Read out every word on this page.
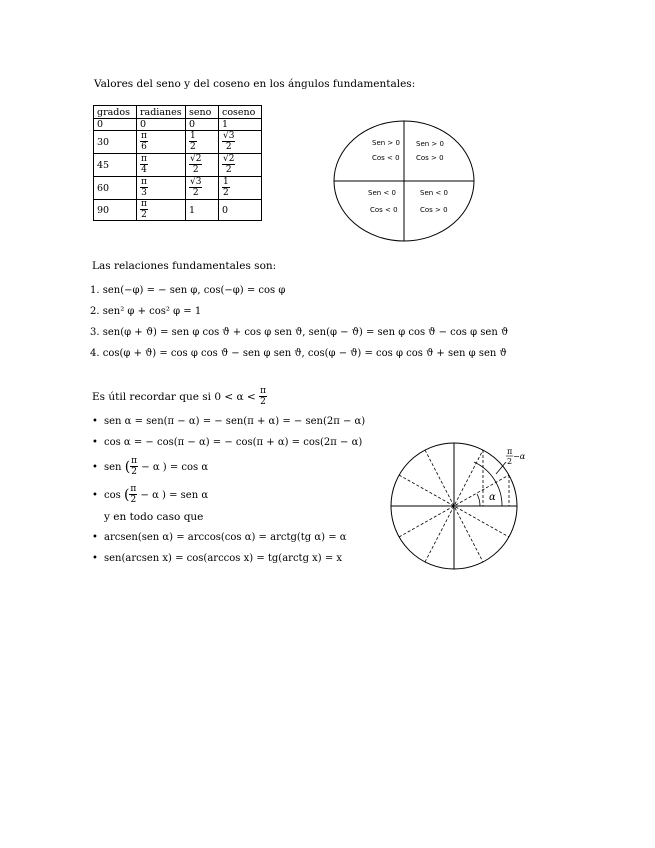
Valores del seno y del coseno en los ángulos fundamentales:
grados	radianes	seno	coseno
0	0	0	1
30	$\frac{\pi}{6}$	$\frac{1}{2}$	$\frac{√3}{2}$

45	$\frac{\pi}{4}$	$\frac{√2}{2}$	$\frac{√2}{2}$

60	$\frac{\pi}{3}$	$\frac{√3}{2}$	$\frac{1}{2}$

90	$\frac{\pi}{2}$	1	0
Sen > 0
Cos < 0
Sen > 0
Cos > 0
Sen < 0
Cos < 0
Sen < 0
Cos > 0
Las relaciones fundamentales son:
1. sen(−φ) = − sen φ, cos(−φ) = cos φ
2. sen² φ + cos² φ = 1
3. sen(φ + ϑ) = sen φ cos ϑ + cos φ sen ϑ, sen(φ − ϑ) = sen φ cos ϑ − cos φ sen ϑ
4. cos(φ + ϑ) = cos φ cos ϑ − sen φ sen ϑ, cos(φ − ϑ) = cos φ cos ϑ + sen φ sen ϑ
Es útil recordar que si 0 < α <
$\frac{\pi}{2}$
• sen α = sen(π − α) = − sen(π + α) = − sen(2π − α)
• cos α = − cos(π − α) = − cos(π + α) = cos(2π − α)
• sen
( $\frac{\pi}{2}$
− α ) = cos α
• cos
( $\frac{\pi}{2}$
− α ) = sen α
y en todo caso que
• arcsen(sen α) = arccos(cos α) = arctg(tg α) = α
• sen(arcsen x) = cos(arccos x) = tg(arctg x) = x
α
π
2
−α
